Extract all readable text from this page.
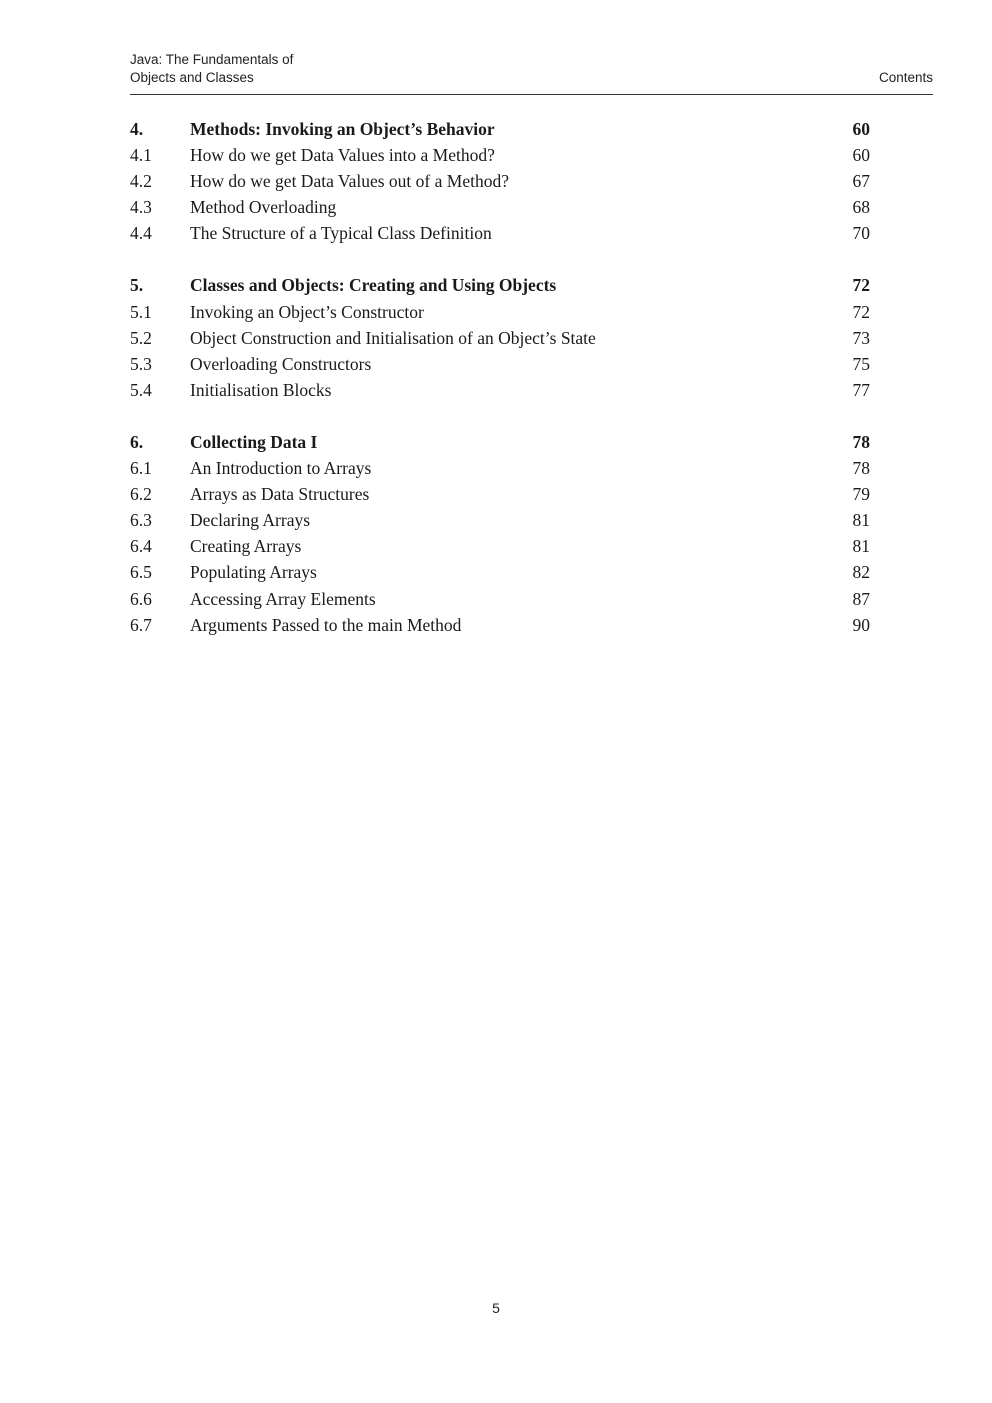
Java: The Fundamentals of
Objects and Classes	Contents
4.	Methods: Invoking an Object’s Behavior	60
4.1 How do we get Data Values into a Method?	60
4.2 How do we get Data Values out of a Method?	67
4.3 Method Overloading	68
4.4 The Structure of a Typical Class Definition	70
5.	Classes and Objects: Creating and Using Objects	72
5.1 Invoking an Object’s Constructor	72
5.2 Object Construction and Initialisation of an Object’s State	73
5.3 Overloading Constructors	75
5.4 Initialisation Blocks	77
6.	Collecting Data I	78
6.1 An Introduction to Arrays	78
6.2 Arrays as Data Structures	79
6.3 Declaring Arrays	81
6.4 Creating Arrays	81
6.5 Populating Arrays	82
6.6 Accessing Array Elements	87
6.7 Arguments Passed to the main Method	90
5
